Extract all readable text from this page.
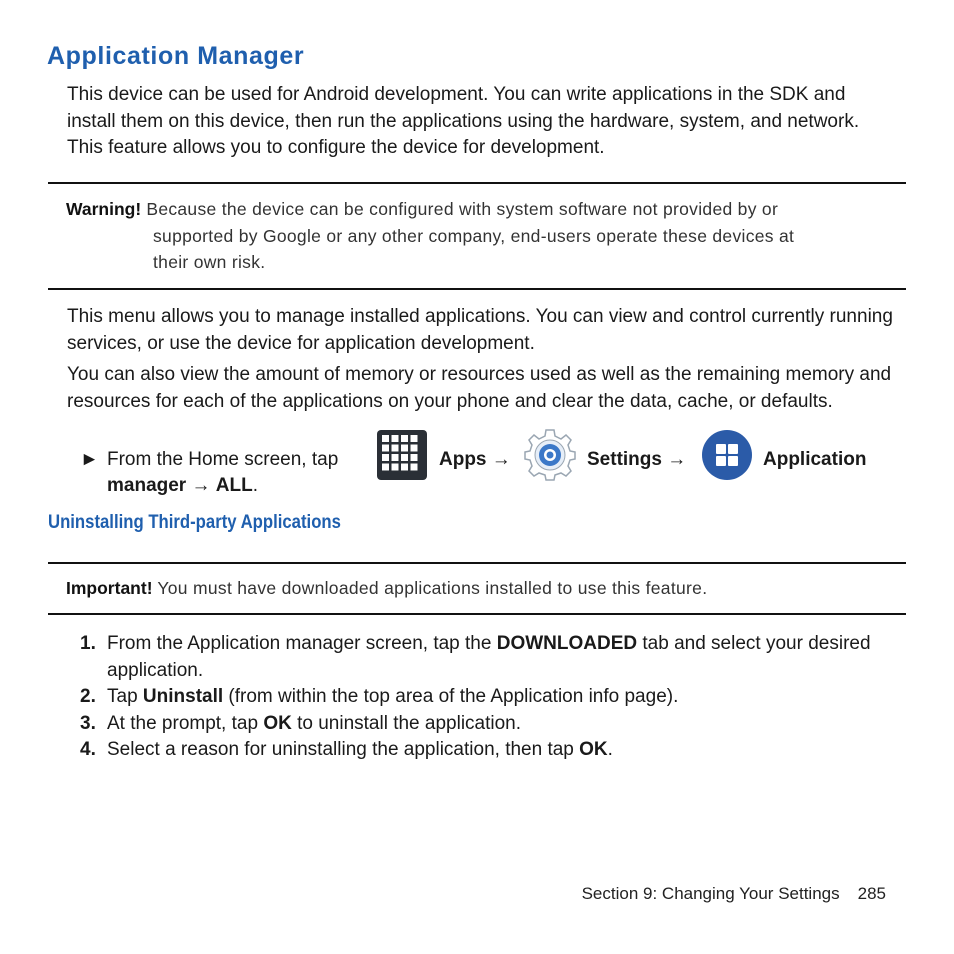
Application Manager

This device can be used for Android development. You can write applications in the SDK and install them on this device, then run the applications using the hardware, system, and network. This feature allows you to configure the device for development.

Warning! Because the device can be configured with system software not provided by or
supported by Google or any other company, end-users operate these devices at
their own risk.

This menu allows you to manage installed applications. You can view and control currently running services, or use the device for application development.

You can also view the amount of memory or resources used as well as the remaining memory and resources for each of the applications on your phone and clear the data, cache, or defaults.

► From the Home screen, tap	Apps →	Settings →	Application
manager → ALL.
Uninstalling Third-party Applications
Important! You must have downloaded applications installed to use this feature.
1. From the Application manager screen, tap the DOWNLOADED tab and select your desired application.
2. Tap Uninstall (from within the top area of the Application info page).
3. At the prompt, tap OK to uninstall the application.
4. Select a reason for uninstalling the application, then tap OK.
Section 9: Changing Your Settings 285
